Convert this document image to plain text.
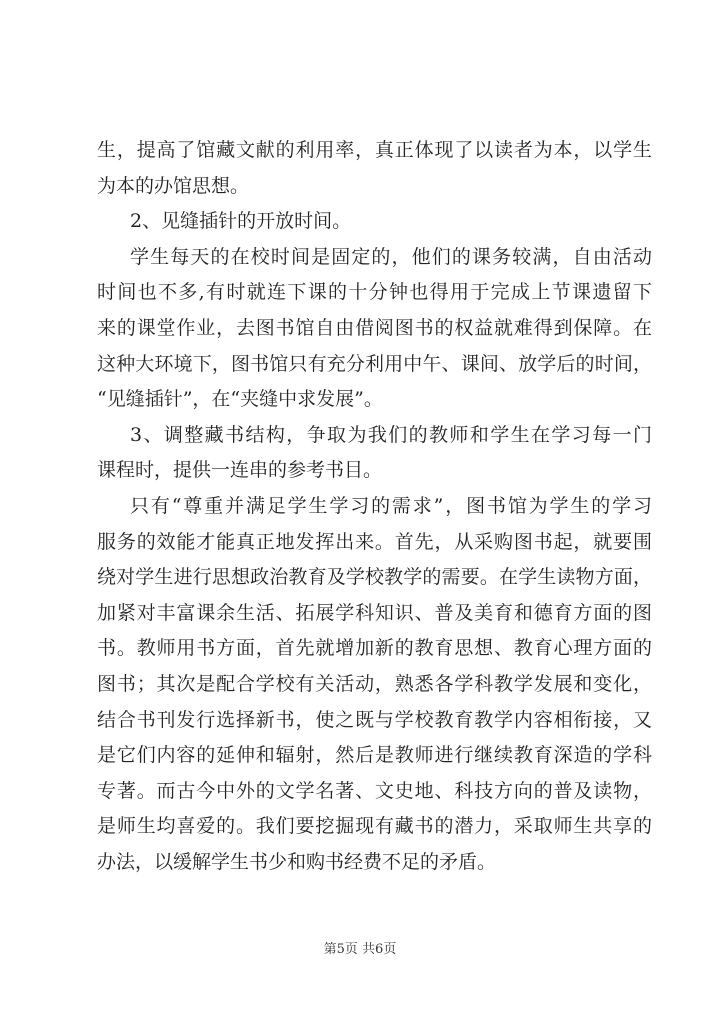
生，提高了馆藏文献的利用率，真正体现了以读者为本，以学生
为本的办馆思想。
2、见缝插针的开放时间。
学生每天的在校时间是固定的，他们的课务较满，自由活动
时间也不多,有时就连下课的十分钟也得用于完成上节课遗留下
来的课堂作业，去图书馆自由借阅图书的权益就难得到保障。在
这种大环境下，图书馆只有充分利用中午、课间、放学后的时间，
“见缝插针”，在“夹缝中求发展”。
3、调整藏书结构，争取为我们的教师和学生在学习每一门
课程时，提供一连串的参考书目。
只有“尊重并满足学生学习的需求”，图书馆为学生的学习
服务的效能才能真正地发挥出来。首先，从采购图书起，就要围
绕对学生进行思想政治教育及学校教学的需要。在学生读物方面，
加紧对丰富课余生活、拓展学科知识、普及美育和德育方面的图
书。教师用书方面，首先就增加新的教育思想、教育心理方面的
图书；其次是配合学校有关活动，熟悉各学科教学发展和变化，
结合书刊发行选择新书，使之既与学校教育教学内容相衔接，又
是它们内容的延伸和辐射，然后是教师进行继续教育深造的学科
专著。而古今中外的文学名著、文史地、科技方向的普及读物，
是师生均喜爱的。我们要挖掘现有藏书的潜力，采取师生共享的
办法，以缓解学生书少和购书经费不足的矛盾。
第5页 共6页
